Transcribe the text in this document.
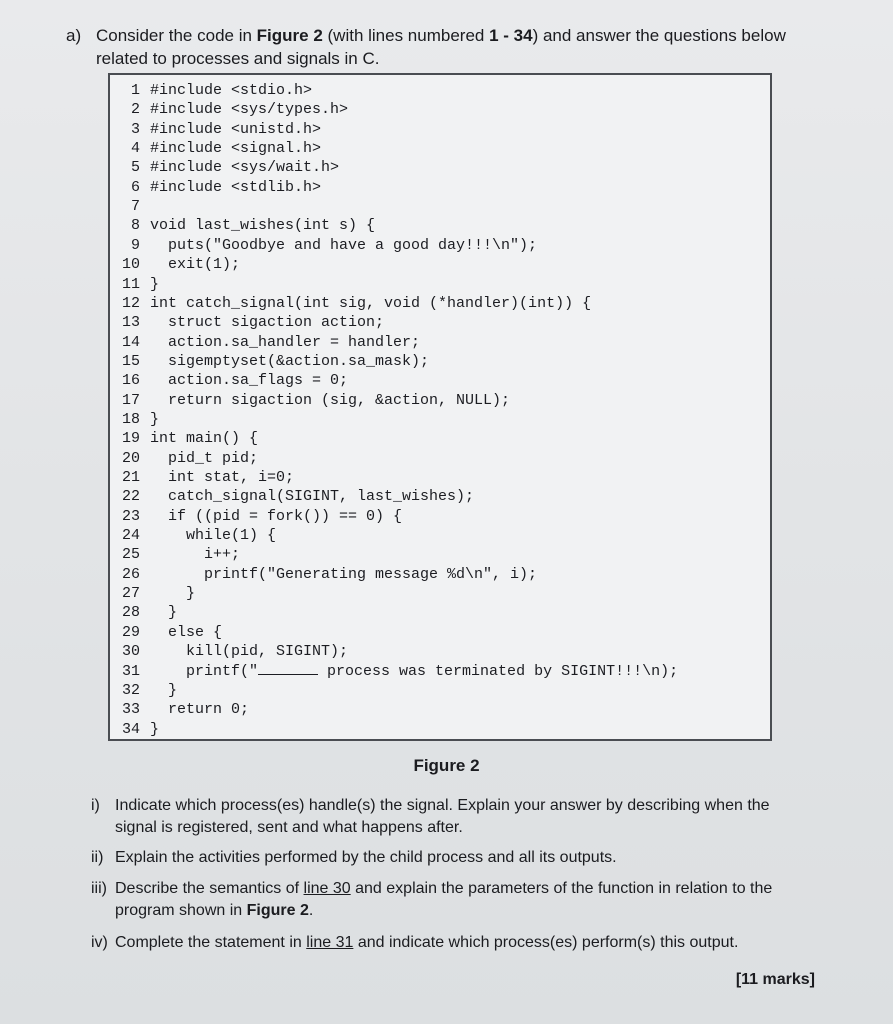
a) Consider the code in Figure 2 (with lines numbered 1 - 34) and answer the questions below related to processes and signals in C.
1 #include <stdio.h>
2 #include <sys/types.h>
3 #include <unistd.h>
4 #include <signal.h>
5 #include <sys/wait.h>
6 #include <stdlib.h>
7
8 void last_wishes(int s) {
9  puts("Goodbye and have a good day!!!\n");
10  exit(1);
11 }
12 int catch_signal(int sig, void (*handler)(int)) {
13  struct sigaction action;
14  action.sa_handler = handler;
15  sigemptyset(&action.sa_mask);
16  action.sa_flags = 0;
17  return sigaction (sig, &action, NULL);
18 }
19 int main() {
20  pid_t pid;
21  int stat, i=0;
22  catch_signal(SIGINT, last_wishes);
23  if ((pid = fork()) == 0) {
24    while(1) {
25      i++;
26      printf("Generating message %d\n", i);
27    }
28  }
29  else {
30    kill(pid, SIGINT);
31    printf("	process was terminated by SIGINT!!!\n);
32  }
33  return 0;
34 }
Figure 2
i) Indicate which process(es) handle(s) the signal. Explain your answer by describing when the signal is registered, sent and what happens after.
ii) Explain the activities performed by the child process and all its outputs.
iii) Describe the semantics of line 30 and explain the parameters of the function in relation to the program shown in Figure 2.
iv) Complete the statement in line 31 and indicate which process(es) perform(s) this output.
[11 marks]
